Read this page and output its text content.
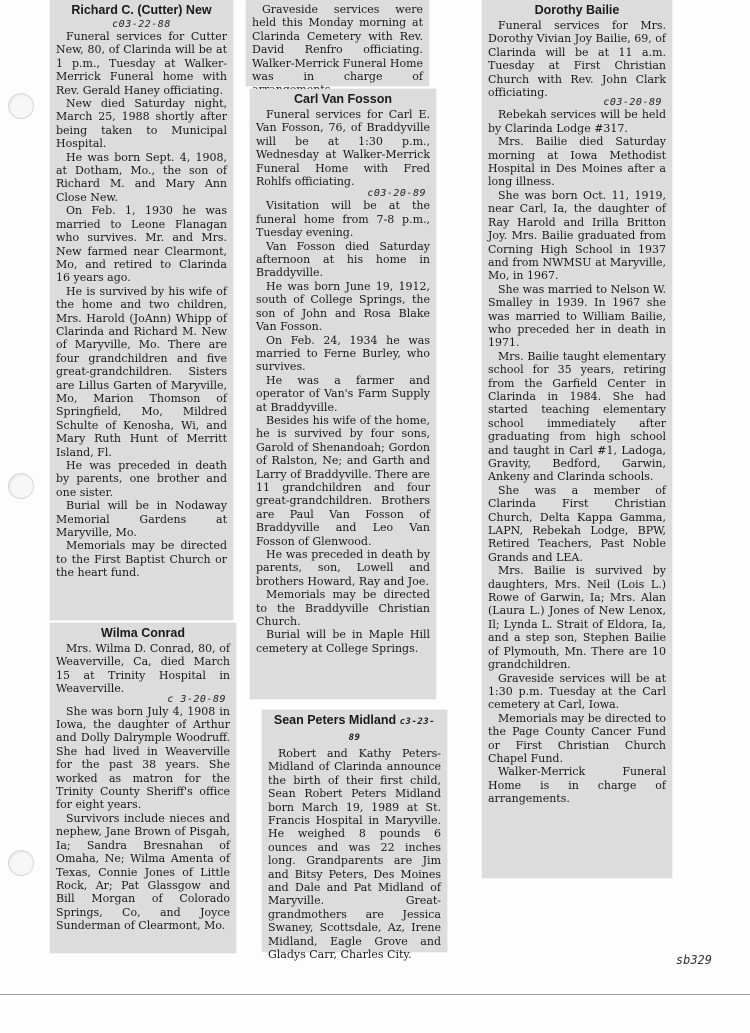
Richard C. (Cutter) New
c03-22-88

Funeral services for Cutter New, 80, of Clarinda will be at 1 p.m., Tuesday at Walker-Merrick Funeral home with Rev. Gerald Haney officiating.

New died Saturday night, March 25, 1988 shortly after being taken to Municipal Hospital.

He was born Sept. 4, 1908, at Dotham, Mo., the son of Richard M. and Mary Ann Close New.

On Feb. 1, 1930 he was married to Leone Flanagan who survives. Mr. and Mrs. New farmed near Clearmont, Mo, and retired to Clarinda 16 years ago.

He is survived by his wife of the home and two children, Mrs. Harold (JoAnn) Whipp of Clarinda and Richard M. New of Maryville, Mo. There are four grandchildren and five great-grandchildren. Sisters are Lillus Garten of Maryville, Mo, Marion Thomson of Springfield, Mo, Mildred Schulte of Kenosha, Wi, and Mary Ruth Hunt of Merritt Island, Fl.

He was preceded in death by parents, one brother and one sister.

Burial will be in Nodaway Memorial Gardens at Maryville, Mo.

Memorials may be directed to the First Baptist Church or the heart fund.

Wilma Conrad

Mrs. Wilma D. Conrad, 80, of Weaverville, Ca, died March 15 at Trinity Hospital in Weaverville.

c 3-20-89

She was born July 4, 1908 in Iowa, the daughter of Arthur and Dolly Dalrymple Woodruff. She had lived in Weaverville for the past 38 years. She worked as matron for the Trinity County Sheriff's office for eight years.

Survivors include nieces and nephew, Jane Brown of Pisgah, Ia; Sandra Bresnahan of Omaha, Ne; Wilma Amenta of Texas, Connie Jones of Little Rock, Ar; Pat Glassgow and Bill Morgan of Colorado Springs, Co, and Joyce Sunderman of Clearmont, Mo.

Graveside services were held this Monday morning at Clarinda Cemetery with Rev. David Renfro officiating. Walker-Merrick Funeral Home was in charge of

Carl Van Fosson

Funeral services for Carl E. Van Fosson, 76, of Braddyville will be at 1:30 p.m., Wednesday at Walker-Merrick Funeral Home with Fred Rohlfs officiating.

c03-20-89

Visitation will be at the funeral home from 7-8 p.m., Tuesday evening.

Van Fosson died Saturday afternoon at his home in Braddyville.

He was born June 19, 1912, south of College Springs, the son of John and Rosa Blake Van Fosson.

On Feb. 24, 1934 he was married to Ferne Burley, who survives.

He was a farmer and operator of Van's Farm Supply at Braddyville.

Besides his wife of the home, he is survived by four sons, Garold of Shenandoah; Gordon of Ralston, Ne; and Garth and Larry of Braddyville. There are 11 grandchildren and four great-grandchildren. Brothers are Paul Van Fosson of Braddyville and Leo Van Fosson of Glenwood.

He was preceded in death by parents, son, Lowell and brothers Howard, Ray and Joe.

Memorials may be directed to the Braddyville Christian Church.

Burial will be in Maple Hill cemetery at College Springs.

Sean Peters Midland c3-23-89

Robert and Kathy Peters-Midland of Clarinda announce the birth of their first child, Sean Robert Peters Midland born March 19, 1989 at St. Francis Hospital in Maryville. He weighed 8 pounds 6 ounces and was 22 inches long. Grandparents are Jim and Bitsy Peters, Des Moines and Dale and Pat Midland of Maryville. Great-grandmothers are Jessica Swaney, Scottsdale, Az, Irene Midland, Eagle Grove and Gladys Carr, Charles City.

Dorothy Bailie

Funeral services for Mrs. Dorothy Vivian Joy Bailie, 69, of Clarinda will be at 11 a.m. Tuesday at First Christian Church with Rev. John Clark officiating.

c03-20-89

Rebekah services will be held by Clarinda Lodge #317.

Mrs. Bailie died Saturday morning at Iowa Methodist Hospital in Des Moines after a long illness.

She was born Oct. 11, 1919, near Carl, Ia, the daughter of Ray Harold and Irilla Britton Joy. Mrs. Bailie graduated from Corning High School in 1937 and from NWMSU at Maryville, Mo, in 1967.

She was married to Nelson W. Smalley in 1939. In 1967 she was married to William Bailie, who preceded her in death in 1971.

Mrs. Bailie taught elementary school for 35 years, retiring from the Garfield Center in Clarinda in 1984. She had started teaching elementary school immediately after graduating from high school and taught in Carl #1, Ladoga, Gravity, Bedford, Garwin, Ankeny and Clarinda schools.

She was a member of Clarinda First Christian Church, Delta Kappa Gamma, LAPN, Rebekah Lodge, BPW, Retired Teachers, Past Noble Grands and LEA.

Mrs. Bailie is survived by daughters, Mrs. Neil (Lois L.) Rowe of Garwin, Ia; Mrs. Alan (Laura L.) Jones of New Lenox, Il; Lynda L. Strait of Eldora, Ia, and a step son, Stephen Bailie of Plymouth, Mn. There are 10 grandchildren.

Graveside services will be at 1:30 p.m. Tuesday at the Carl cemetery at Carl, Iowa.

Memorials may be directed to the Page County Cancer Fund or First Christian Church Chapel Fund.

Walker-Merrick Funeral Home is in charge of arrangements.

sb329
